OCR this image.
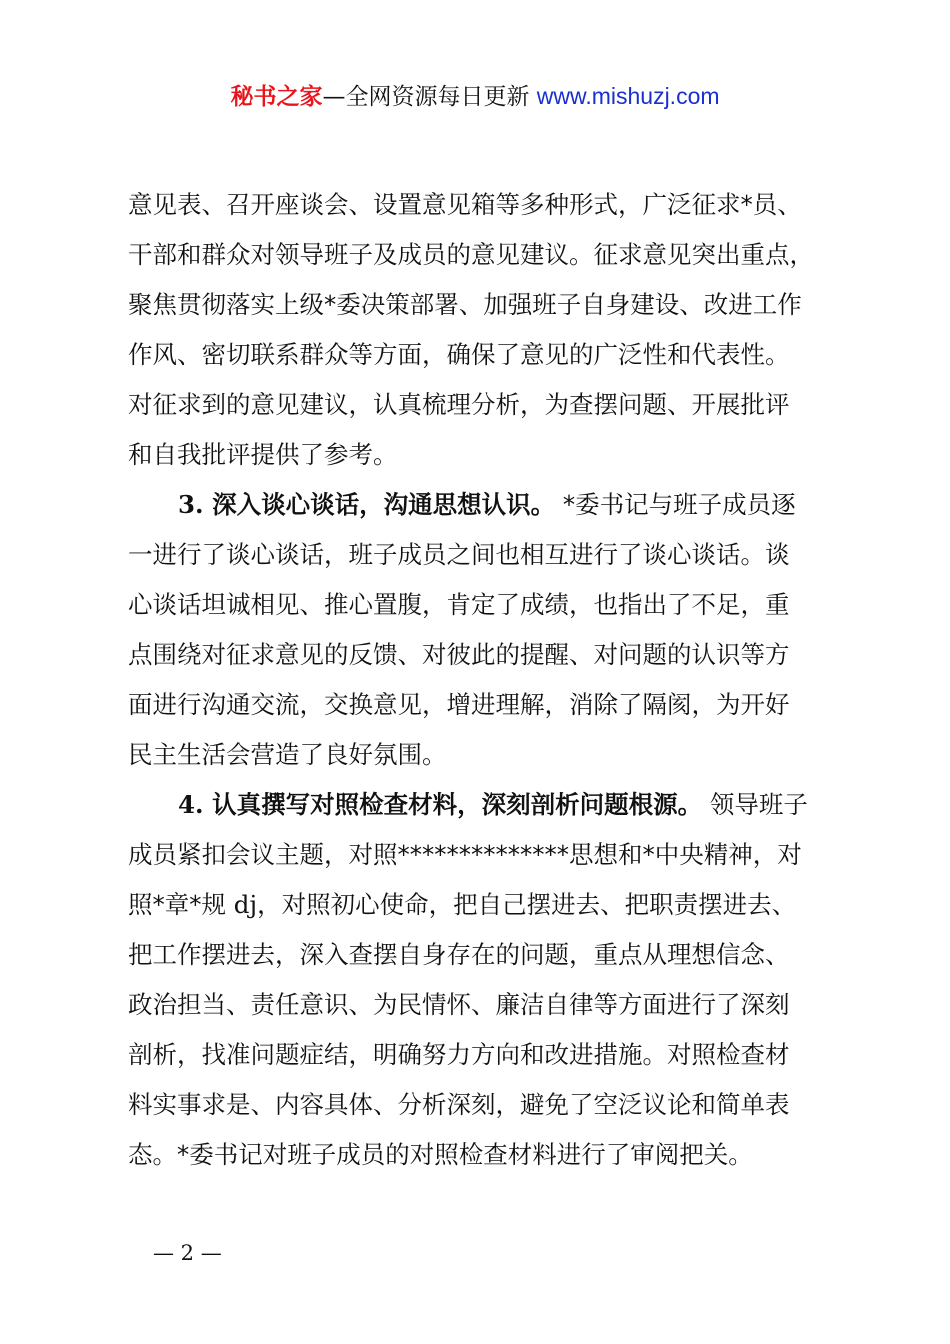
秘书之家—全网资源每日更新 www.mishuzj.com
意见表、召开座谈会、设置意见箱等多种形式，广泛征求*员、
干部和群众对领导班子及成员的意见建议。征求意见突出重点，
聚焦贯彻落实上级*委决策部署、加强班子自身建设、改进工作
作风、密切联系群众等方面，确保了意见的广泛性和代表性。
对征求到的意见建议，认真梳理分析，为查摆问题、开展批评
和自我批评提供了参考。
3. 深入谈心谈话，沟通思想认识。 *委书记与班子成员逐
一进行了谈心谈话，班子成员之间也相互进行了谈心谈话。谈
心谈话坦诚相见、推心置腹，肯定了成绩，也指出了不足，重
点围绕对征求意见的反馈、对彼此的提醒、对问题的认识等方
面进行沟通交流，交换意见，增进理解，消除了隔阂，为开好
民主生活会营造了良好氛围。
4. 认真撰写对照检查材料，深刻剖析问题根源。 领导班子
成员紧扣会议主题，对照**************思想和*中央精神，对
照*章*规 dj，对照初心使命，把自己摆进去、把职责摆进去、
把工作摆进去，深入查摆自身存在的问题，重点从理想信念、
政治担当、责任意识、为民情怀、廉洁自律等方面进行了深刻
剖析，找准问题症结，明确努力方向和改进措施。对照检查材
料实事求是、内容具体、分析深刻，避免了空泛议论和简单表
态。*委书记对班子成员的对照检查材料进行了审阅把关。
— 2 —
